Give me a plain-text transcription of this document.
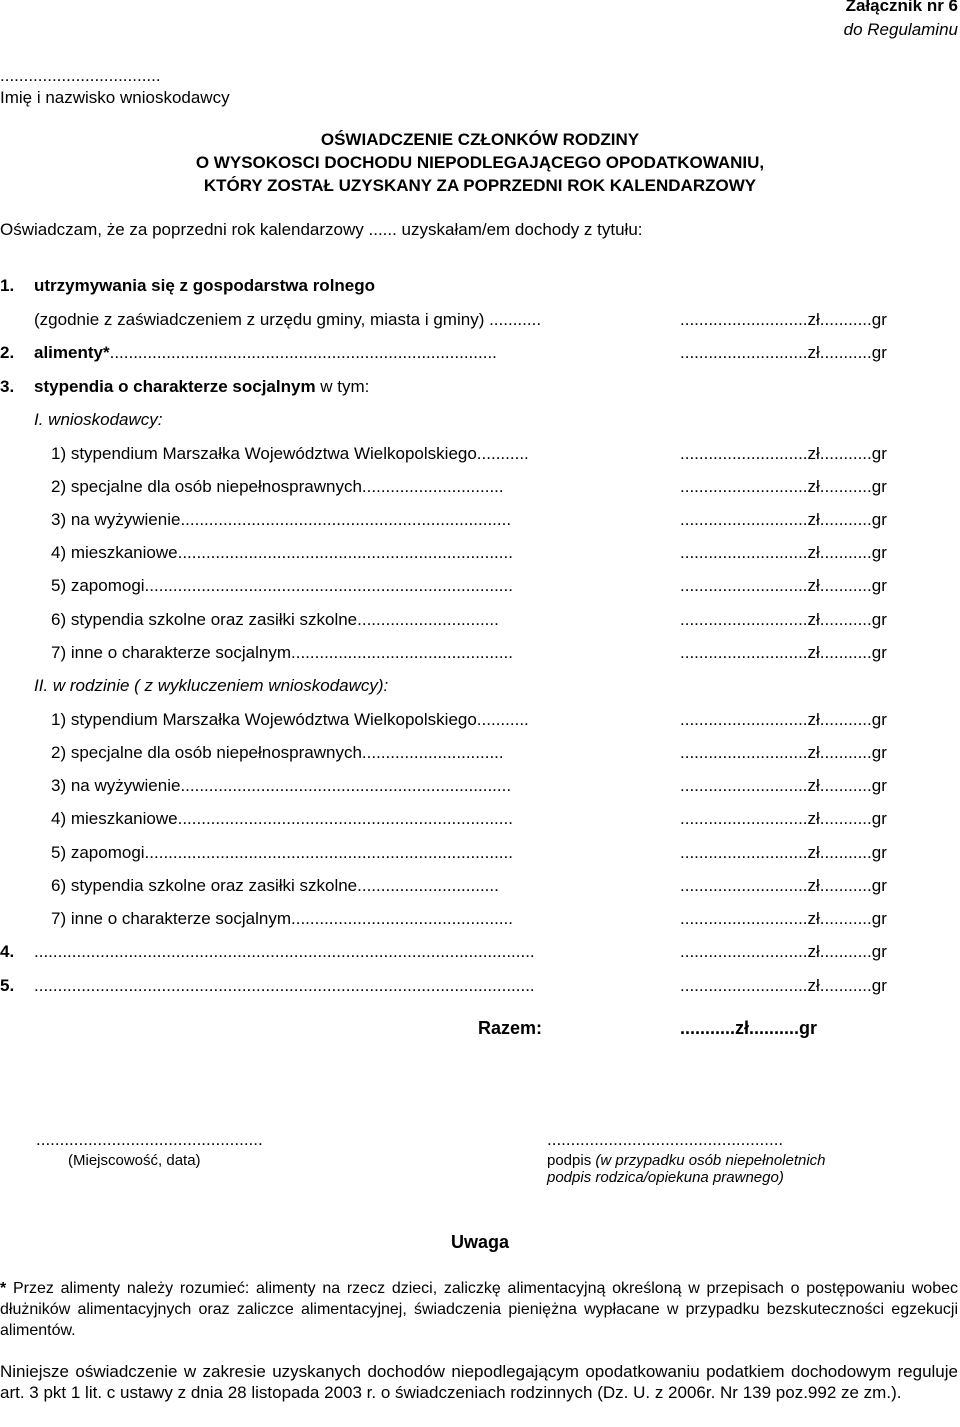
Załącznik nr 6
do Regulaminu
..................................
Imię i nazwisko wnioskodawcy
OŚWIADCZENIE CZŁONKÓW RODZINY
O WYSOKOSCI DOCHODU NIEPODLEGAJĄCEGO OPODATKOWANIU,
KTÓRY ZOSTAŁ UZYSKANY ZA POPRZEDNI ROK KALENDARZOWY
Oświadczam, że za poprzedni rok kalendarzowy ...... uzyskałam/em dochody z tytułu:
1. utrzymywania się z gospodarstwa rolnego
(zgodnie z zaświadczeniem z urzędu gminy, miasta i gminy) ...........	...........................zł...........gr
2. alimenty*..................................................................................	...........................zł...........gr
3. stypendia o charakterze socjalnym w tym:
I. wnioskodawcy:
1) stypendium Marszałka Województwa Wielkopolskiego...........	...........................zł...........gr
2) specjalne dla osób niepełnosprawnych..............................	...........................zł...........gr
3) na wyżywienie......................................................................	...........................zł...........gr
4) mieszkaniowe.......................................................................	...........................zł...........gr
5) zapomogi..............................................................................	...........................zł...........gr
6) stypendia szkolne oraz zasiłki szkolne..............................	...........................zł...........gr
7) inne o charakterze socjalnym...............................................	...........................zł...........gr
II. w rodzinie ( z wykluczeniem wnioskodawcy):
1) stypendium Marszałka Województwa Wielkopolskiego...........	...........................zł...........gr
2) specjalne dla osób niepełnosprawnych..............................	...........................zł...........gr
3) na wyżywienie......................................................................	...........................zł...........gr
4) mieszkaniowe.......................................................................	...........................zł...........gr
5) zapomogi..............................................................................	...........................zł...........gr
6) stypendia szkolne oraz zasiłki szkolne..............................	...........................zł...........gr
7) inne o charakterze socjalnym...............................................	...........................zł...........gr
4. ..........................................................................................................	...........................zł...........gr
5. ..........................................................................................................	...........................zł...........gr
Razem:	...........zł..........gr
................................................
(Miejscowość, data)
..................................................
podpis (w przypadku osób niepełnoletnich
podpis rodzica/opiekuna prawnego)
Uwaga
* Przez alimenty należy rozumieć: alimenty na rzecz dzieci, zaliczkę alimentacyjną określoną w przepisach o postępowaniu wobec dłużników alimentacyjnych oraz zaliczce alimentacyjnej, świadczenia pieniężna wypłacane w przypadku bezskuteczności egzekucji alimentów.
Niniejsze oświadczenie w zakresie uzyskanych dochodów niepodlegającym opodatkowaniu podatkiem dochodowym reguluje art. 3 pkt 1 lit. c ustawy z dnia 28 listopada 2003 r. o świadczeniach rodzinnych (Dz. U. z 2006r. Nr 139 poz.992 ze zm.).
